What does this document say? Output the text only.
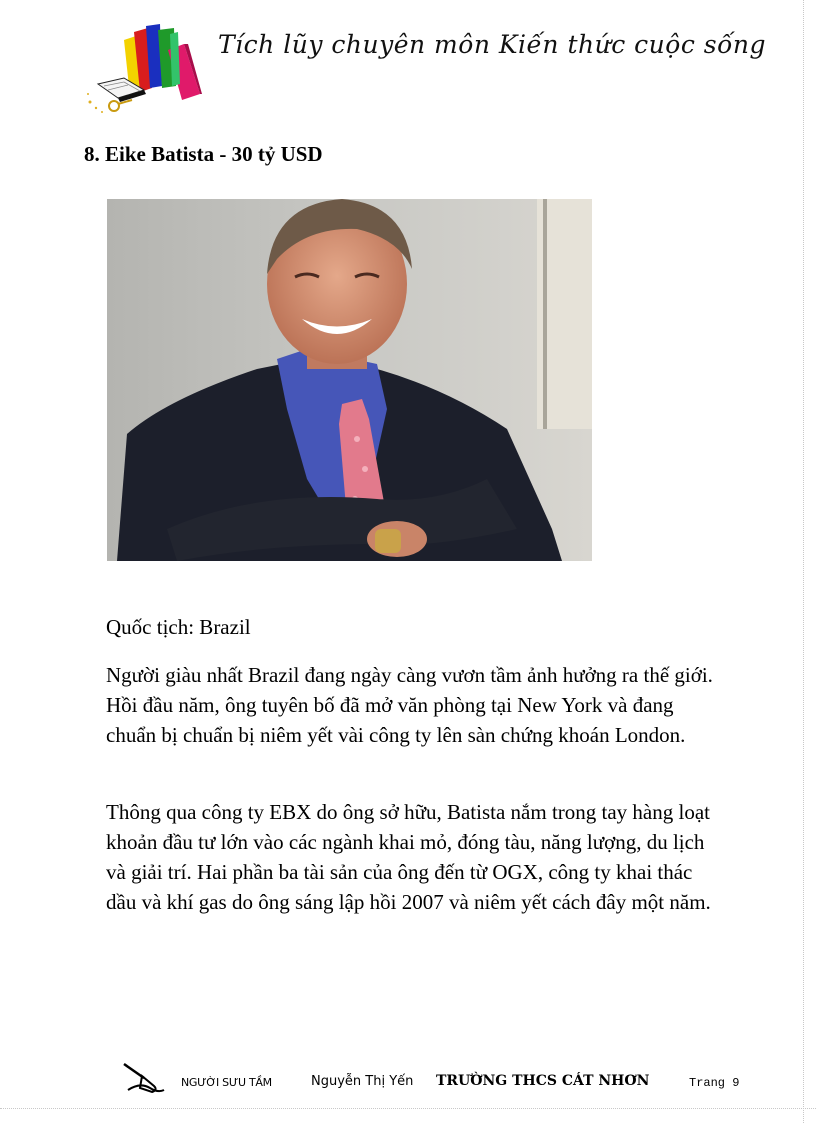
Tích lũy chuyên môn Kiến thức cuộc sống
8. Eike Batista - 30 tỷ USD
Quốc tịch: Brazil
Người giàu nhất Brazil đang ngày càng vươn tầm ảnh hưởng ra thế giới. Hồi đầu năm, ông tuyên bố đã mở văn phòng tại New York và đang chuẩn bị chuẩn bị niêm yết vài công ty lên sàn chứng khoán London.
Thông qua công ty EBX do ông sở hữu, Batista nắm trong tay hàng loạt khoản đầu tư lớn vào các ngành khai mỏ, đóng tàu, năng lượng, du lịch và giải trí. Hai phần ba tài sản của ông đến từ OGX, công ty khai thác dầu và khí gas do ông sáng lập hồi 2007 và niêm yết cách đây một năm.
NGƯỜI SƯU TẦM	Nguyễn Thị Yến TRƯỜNG THCS CÁT NHƠN	Trang 9
